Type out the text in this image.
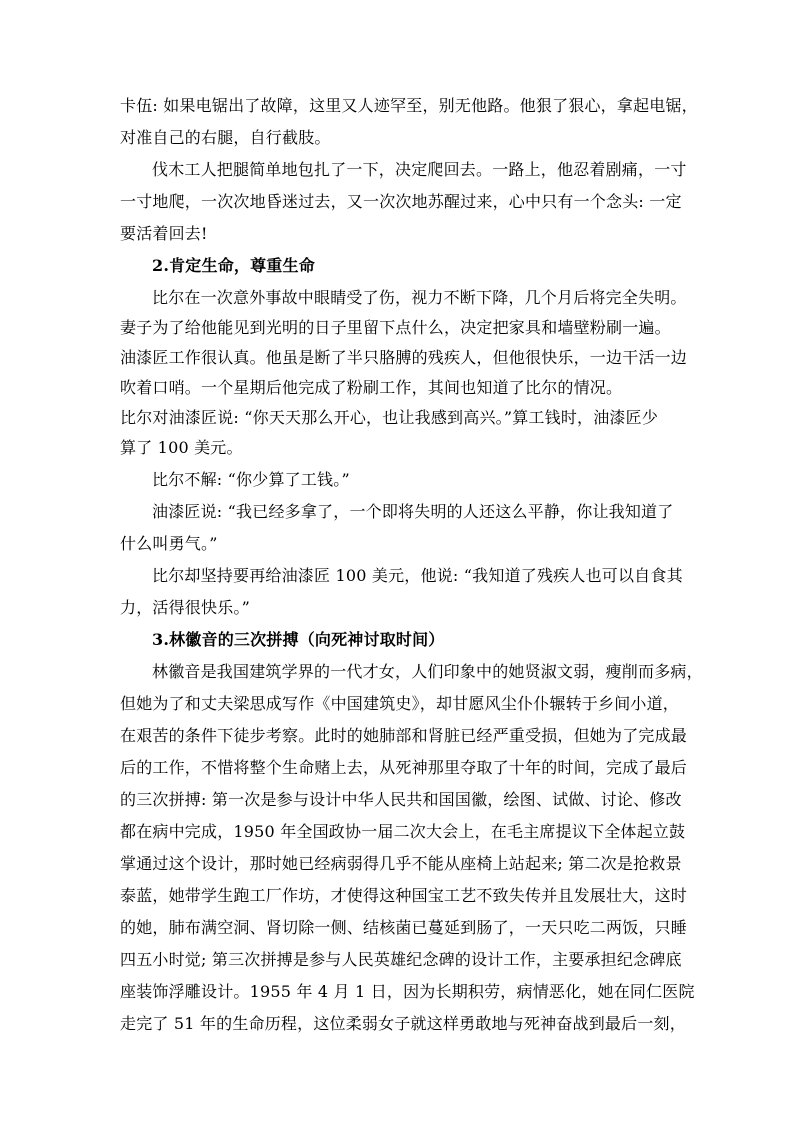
卡伍: 如果电锯出了故障，这里又人迹罕至，别无他路。他狠了狠心，拿起电锯，
对准自己的右腿，自行截肢。
伐木工人把腿简单地包扎了一下，决定爬回去。一路上，他忍着剧痛，一寸
一寸地爬，一次次地昏迷过去，又一次次地苏醒过来，心中只有一个念头: 一定
要活着回去!
2.肯定生命，尊重生命
比尔在一次意外事故中眼睛受了伤，视力不断下降，几个月后将完全失明。
妻子为了给他能见到光明的日子里留下点什么，决定把家具和墙壁粉刷一遍。
油漆匠工作很认真。他虽是断了半只胳膊的残疾人，但他很快乐，一边干活一边
吹着口哨。一个星期后他完成了粉刷工作，其间也知道了比尔的情况。
比尔对油漆匠说: “你天天那么开心，也让我感到高兴。”算工钱时，油漆匠少
算了 100 美元。
比尔不解: “你少算了工钱。”
油漆匠说: “我已经多拿了，一个即将失明的人还这么平静，你让我知道了
什么叫勇气。”
比尔却坚持要再给油漆匠 100 美元，他说: “我知道了残疾人也可以自食其
力，活得很快乐。”
3.林徽音的三次拼搏（向死神讨取时间）
林徽音是我国建筑学界的一代才女，人们印象中的她贤淑文弱，瘦削而多病，
但她为了和丈夫梁思成写作《中国建筑史》，却甘愿风尘仆仆辗转于乡间小道，
在艰苦的条件下徒步考察。此时的她肺部和肾脏已经严重受损，但她为了完成最
后的工作，不惜将整个生命赌上去，从死神那里夺取了十年的时间，完成了最后
的三次拼搏: 第一次是参与设计中华人民共和国国徽，绘图、试做、讨论、修改
都在病中完成，1950 年全国政协一届二次大会上，在毛主席提议下全体起立鼓
掌通过这个设计，那时她已经病弱得几乎不能从座椅上站起来; 第二次是抢救景
泰蓝，她带学生跑工厂作坊，才使得这种国宝工艺不致失传并且发展壮大，这时
的她，肺布满空洞、肾切除一侧、结核菌已蔓延到肠了，一天只吃二两饭，只睡
四五小时觉; 第三次拼搏是参与人民英雄纪念碑的设计工作，主要承担纪念碑底
座装饰浮雕设计。1955 年 4 月 1 日，因为长期积劳，病情恶化，她在同仁医院
走完了 51 年的生命历程，这位柔弱女子就这样勇敢地与死神奋战到最后一刻，
